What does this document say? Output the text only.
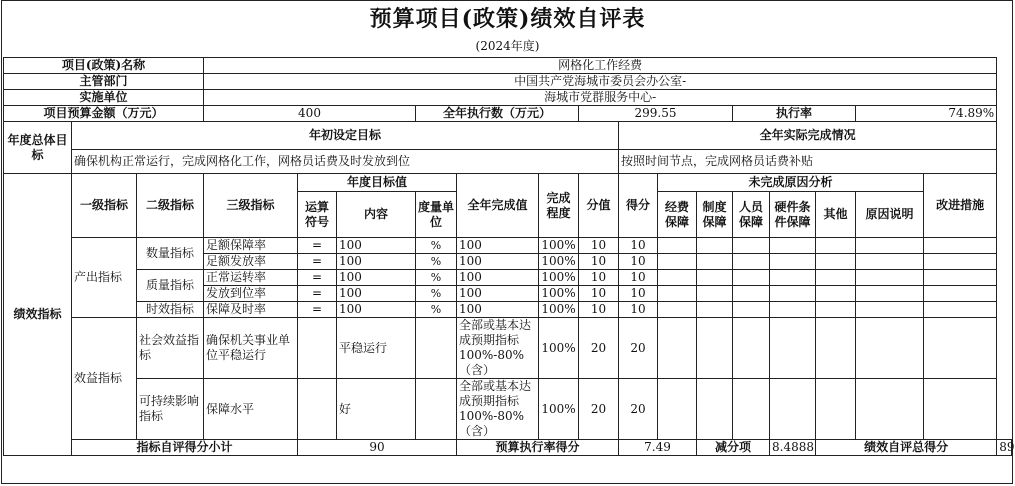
预算项目(政策)绩效自评表
(2024年度)
项目(政策)名称			网格化工作经费															
主管部门			中国共产党海城市委员会办公室-															
实施单位			海城市党群服务中心-															
项目预算金额（万元）			400			全年执行数（万元）			299.55				执行率			74.89%		
年度总体目标	年初设定目标									全年实际完成情况								
	确保机构正常运行，完成网格化工作，网格员话费及时发放到位									按照时间节点，完成网格员话费补贴								
绩效指标	一级指标	二级指标	三级指标	年度目标值			全年完成值	完成程度	分值	得分	未完成原因分析						改进措施	
				运算符号	内容	度量单位					经费保障	制度保障	人员保障	硬件条件保障	其他	原因说明		
	产出指标	数量指标	足额保障率	=	100	%	100	100%	10	10								
			足额发放率	=	100	%	100	100%	10	10								
		质量指标	正常运转率	=	100	%	100	100%	10	10								
			发放到位率	=	100	%	100	100%	10	10								
		时效指标	保障及时率	=	100	%	100	100%	10	10								
	效益指标	社会效益指标	确保机关事业单位平稳运行		平稳运行		全部或基本达成预期指标100%-80%（含）	100%	20	20								
		可持续影响指标	保障水平		好		全部或基本达成预期指标100%-80%（含）	100%	20	20								
	指标自评得分小计			90			预算执行率得分			7.49		减分项		8.4888	绩效自评总得分			89
